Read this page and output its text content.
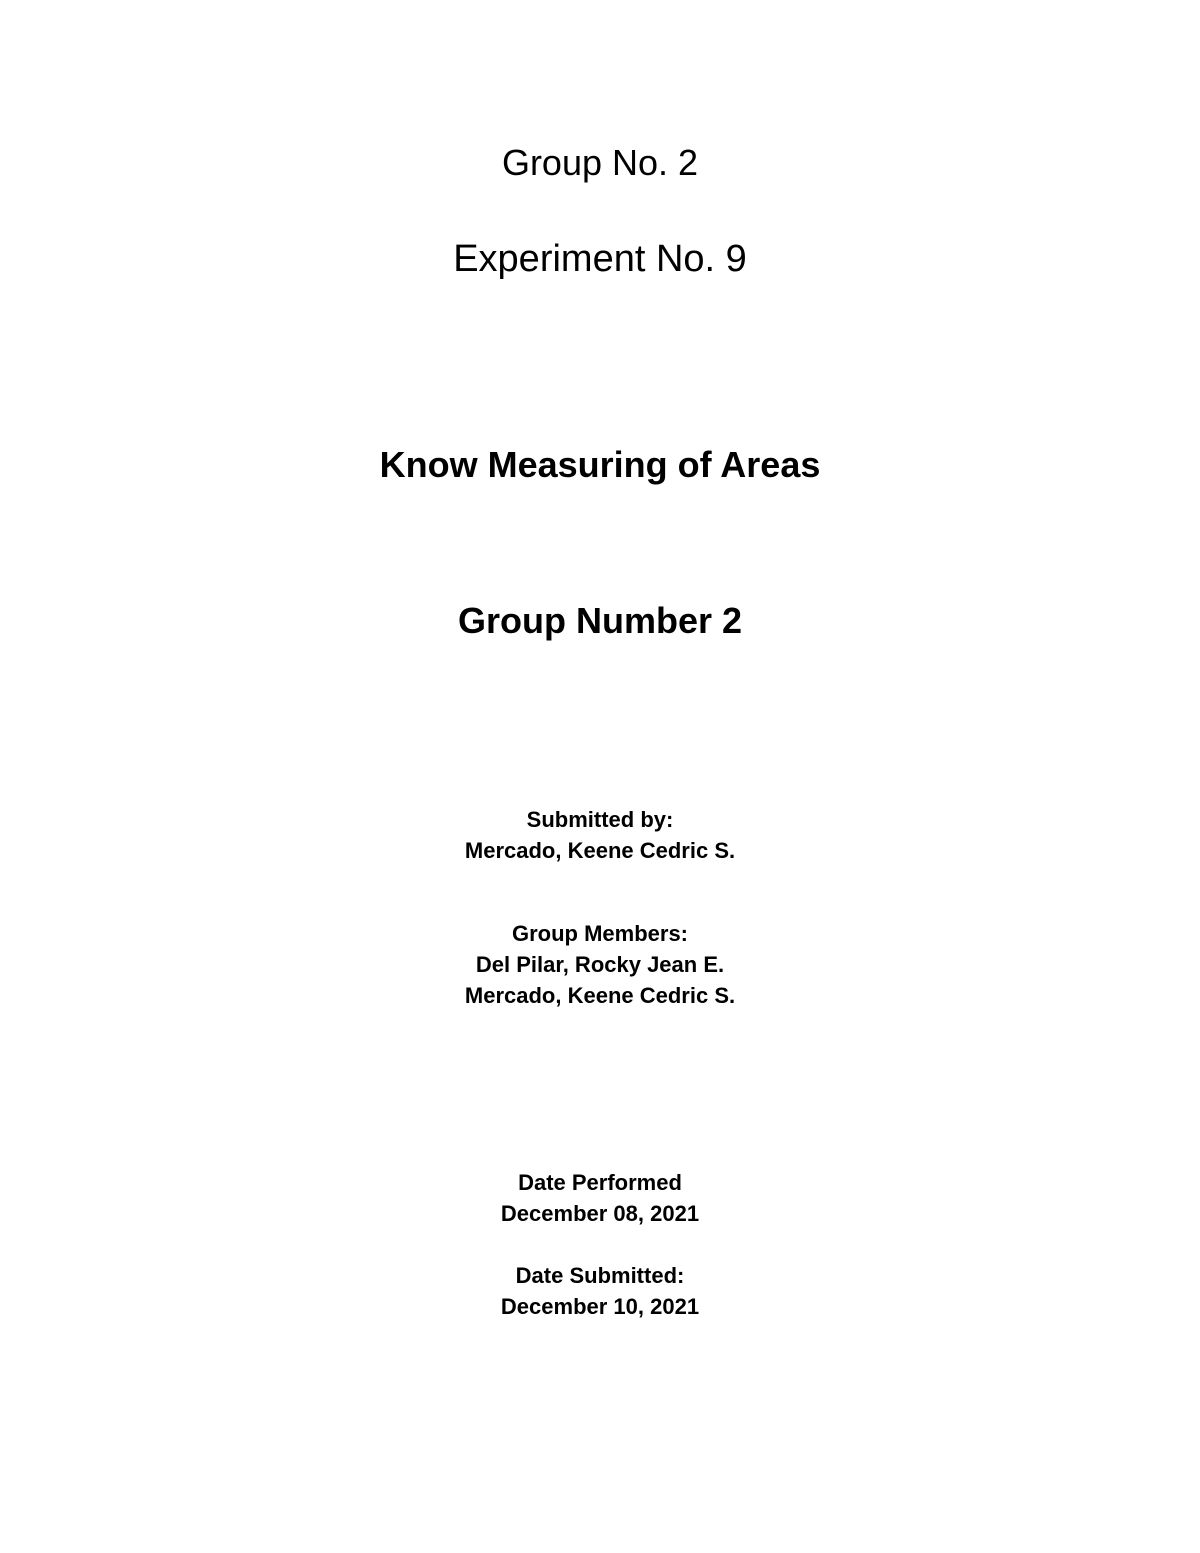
Group No. 2
Experiment No. 9
Know Measuring of Areas
Group Number 2
Submitted by:
Mercado, Keene Cedric S.
Group Members:
Del Pilar, Rocky Jean E.
Mercado, Keene Cedric S.
Date Performed
December 08, 2021
Date Submitted:
December 10, 2021
